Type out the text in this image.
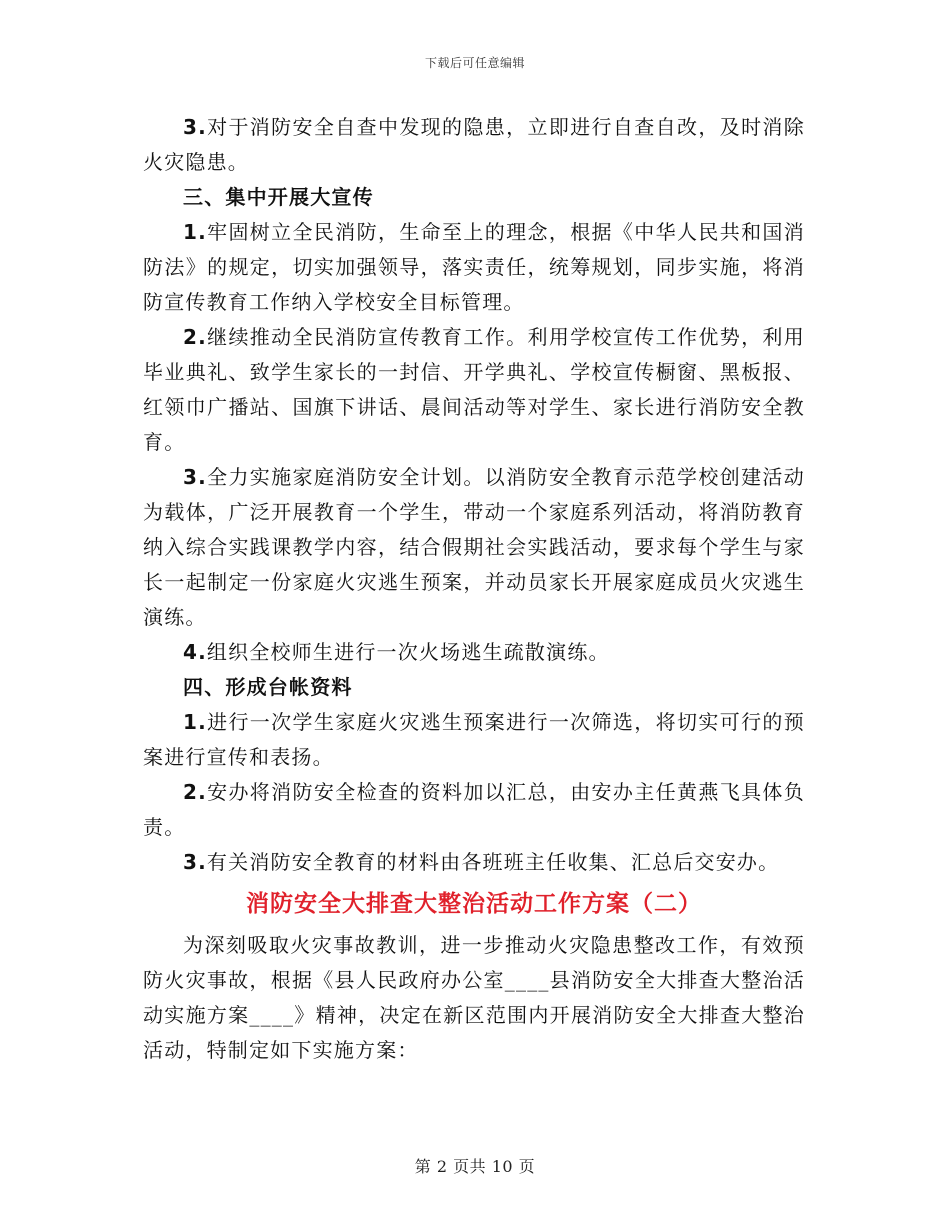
下载后可任意编辑

3.对于消防安全自查中发现的隐患，立即进行自查自改，及时消除火灾隐患。

三、集中开展大宣传

1.牢固树立全民消防，生命至上的理念，根据《中华人民共和国消防法》的规定，切实加强领导，落实责任，统筹规划，同步实施，将消防宣传教育工作纳入学校安全目标管理。

2.继续推动全民消防宣传教育工作。利用学校宣传工作优势，利用毕业典礼、致学生家长的一封信、开学典礼、学校宣传橱窗、黑板报、红领巾广播站、国旗下讲话、晨间活动等对学生、家长进行消防安全教育。

3.全力实施家庭消防安全计划。以消防安全教育示范学校创建活动为载体，广泛开展教育一个学生，带动一个家庭系列活动，将消防教育纳入综合实践课教学内容，结合假期社会实践活动，要求每个学生与家长一起制定一份家庭火灾逃生预案，并动员家长开展家庭成员火灾逃生演练。

4.组织全校师生进行一次火场逃生疏散演练。

四、形成台帐资料

1.进行一次学生家庭火灾逃生预案进行一次筛选，将切实可行的预案进行宣传和表扬。

2.安办将消防安全检查的资料加以汇总，由安办主任黄燕飞具体负责。

3.有关消防安全教育的材料由各班班主任收集、汇总后交安办。

消防安全大排查大整治活动工作方案（二）

为深刻吸取火灾事故教训，进一步推动火灾隐患整改工作，有效预防火灾事故，根据《县人民政府办公室____县消防安全大排查大整治活动实施方案____》精神，决定在新区范围内开展消防安全大排查大整治活动，特制定如下实施方案：

第 2 页共 10 页
